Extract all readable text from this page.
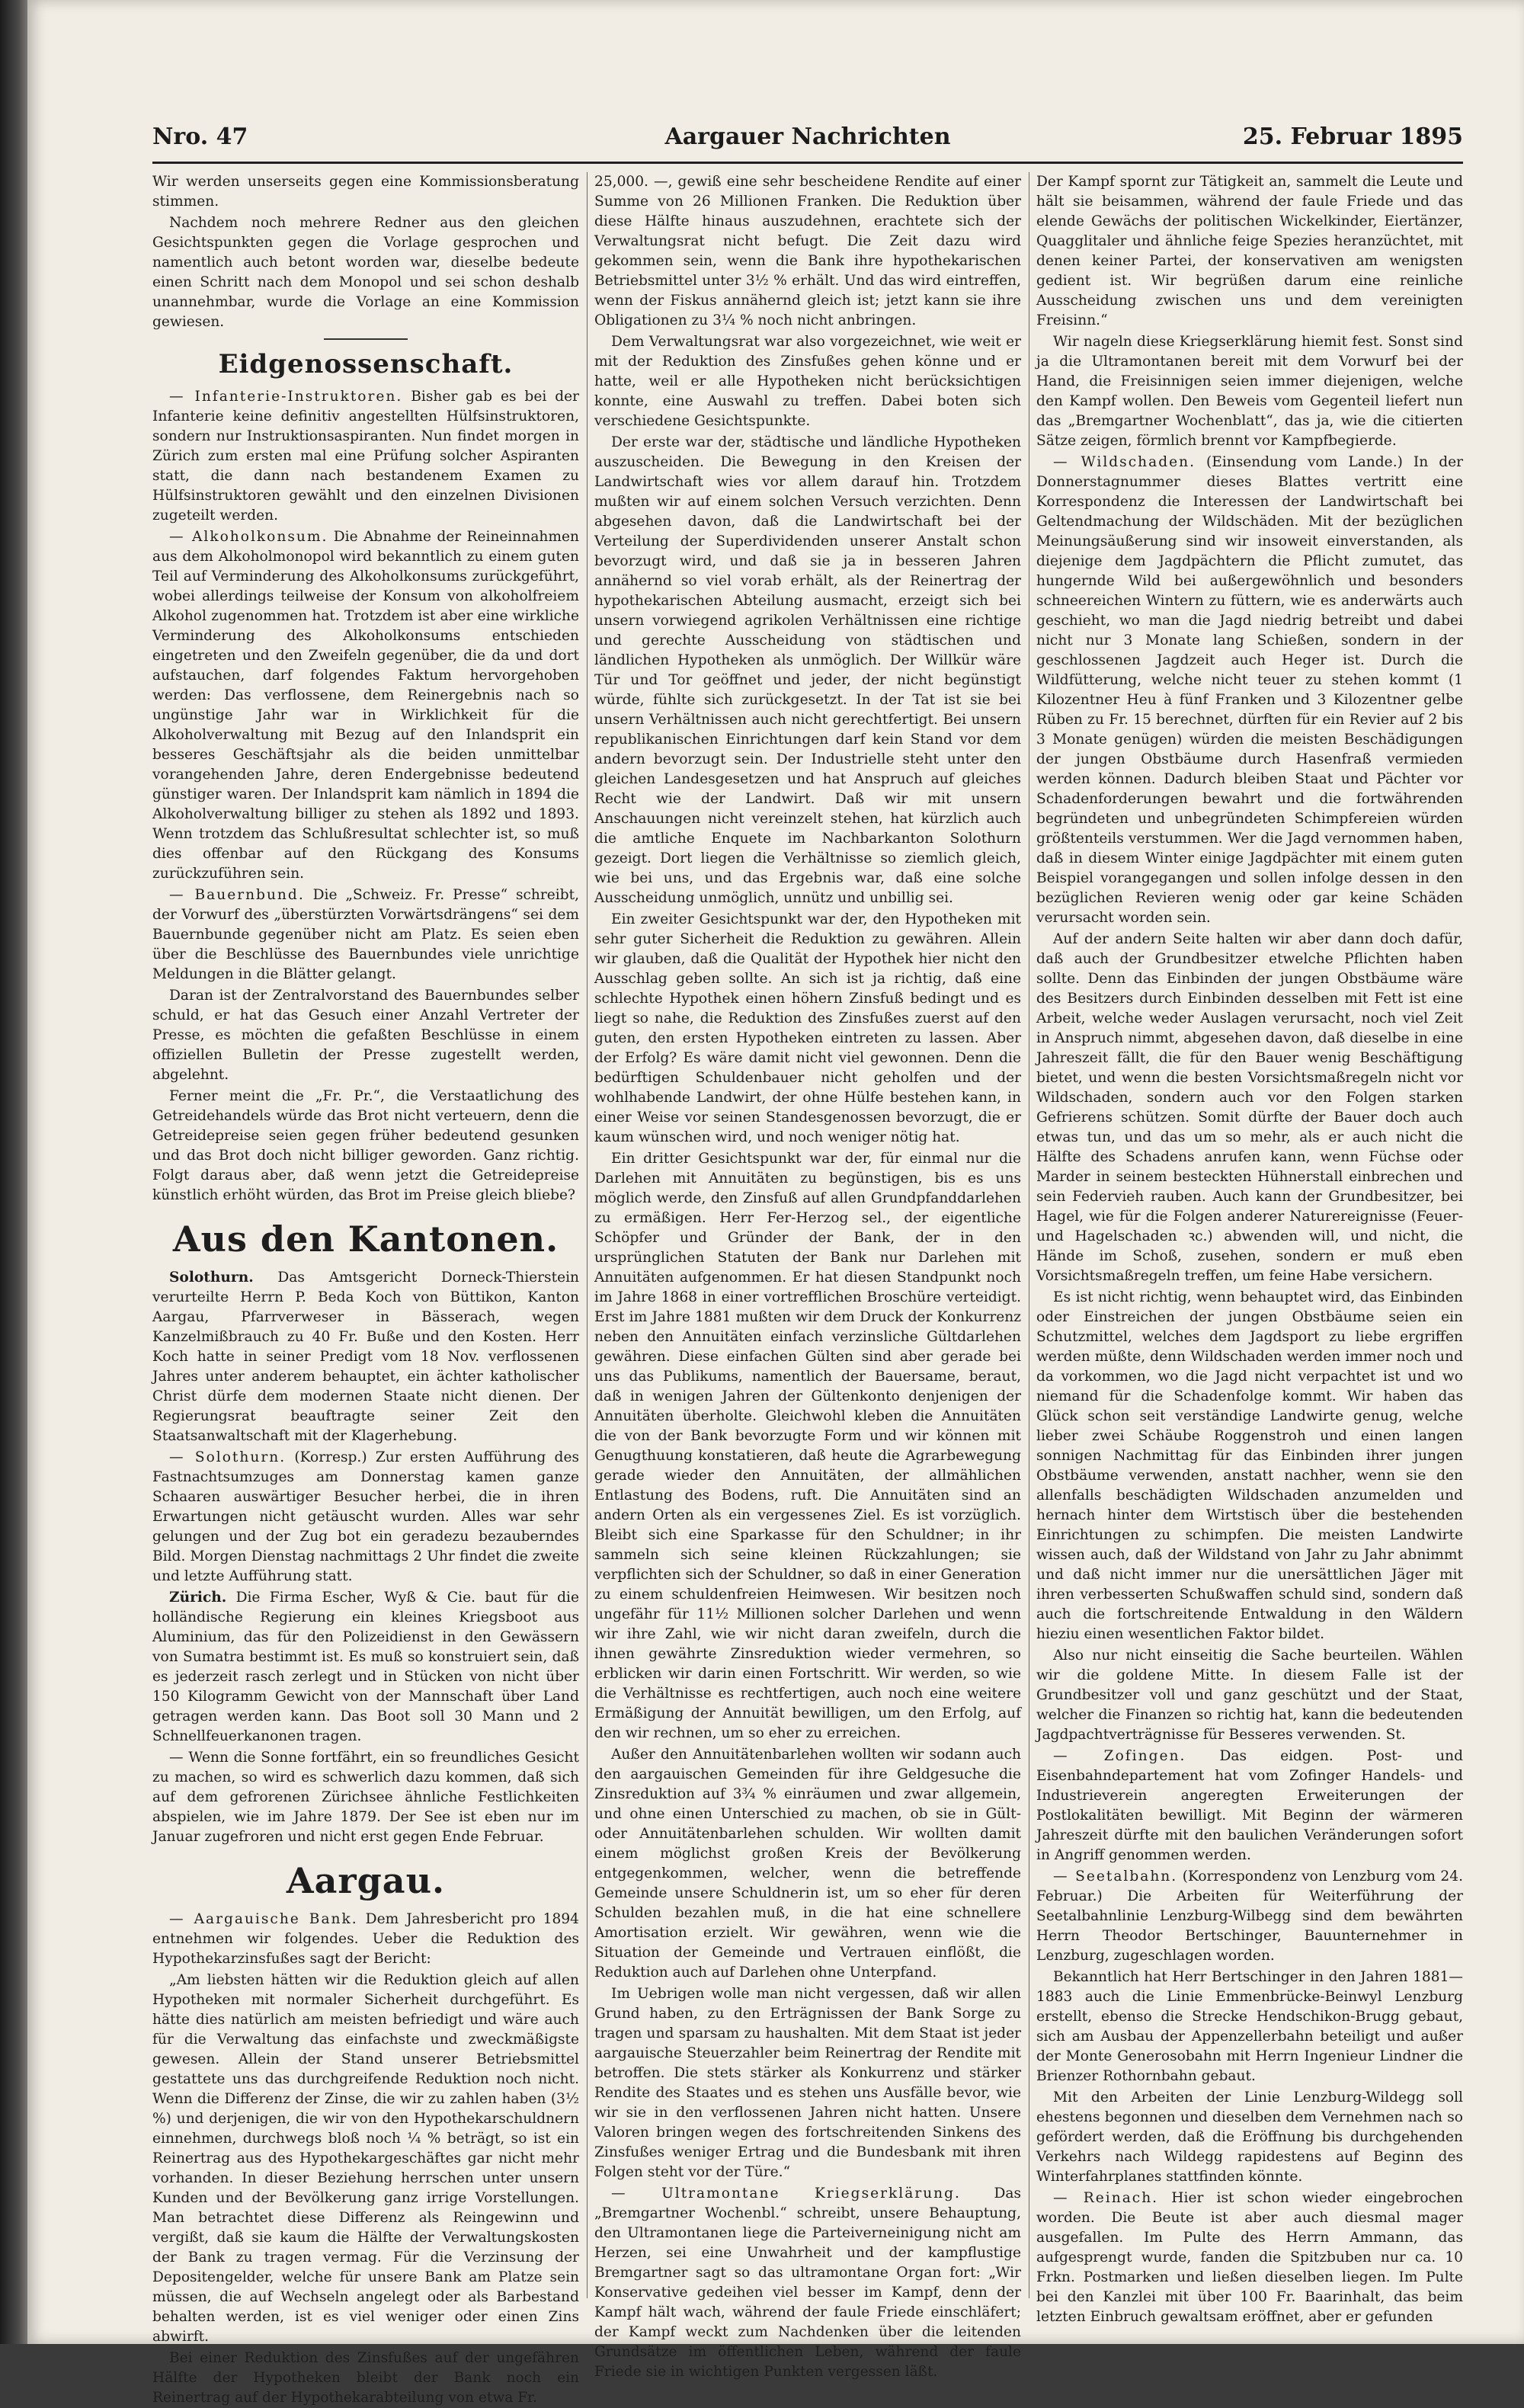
Nro. 47	Aargauer Nachrichten	25. Februar 1895

Wir werden unserseits gegen eine Kommissionsberatung stimmen.

Nachdem noch mehrere Redner aus den gleichen Gesichtspunkten gegen die Vorlage gesprochen und namentlich auch betont worden war, dieselbe bedeute einen Schritt nach dem Monopol und sei schon deshalb unannehmbar, wurde die Vorlage an eine Kommission gewiesen.

Eidgenossenschaft.

— Infanterie-Instruktoren. Bisher gab es bei der Infanterie keine definitiv angestellten Hülfsinstruktoren, sondern nur Instruktionsaspiranten. Nun findet morgen in Zürich zum ersten mal eine Prüfung solcher Aspiranten statt, die dann nach bestandenem Examen zu Hülfsinstruktoren gewählt und den einzelnen Divisionen zugeteilt werden.

— Alkoholkonsum. Die Abnahme der Reineinnahmen aus dem Alkoholmonopol wird bekanntlich zu einem guten Teil auf Verminderung des Alkoholkonsums zurückgeführt, wobei allerdings teilweise der Konsum von alkoholfreiem Alkohol zugenommen hat. Trotzdem ist aber eine wirkliche Verminderung des Alkoholkonsums entschieden eingetreten und den Zweifeln gegenüber, die da und dort aufstauchen, darf folgendes Faktum hervorgehoben werden: Das verflossene, dem Reinergebnis nach so ungünstige Jahr war in Wirklichkeit für die Alkoholverwaltung mit Bezug auf den Inlandsprit ein besseres Geschäftsjahr als die beiden unmittelbar vorangehenden Jahre, deren Endergebnisse bedeutend günstiger waren. Der Inlandsprit kam nämlich in 1894 die Alkoholverwaltung billiger zu stehen als 1892 und 1893. Wenn trotzdem das Schlußresultat schlechter ist, so muß dies offenbar auf den Rückgang des Konsums zurückzuführen sein.

— Bauernbund. Die „Schweiz. Fr. Presse“ schreibt, der Vorwurf des „überstürzten Vorwärtsdrängens“ sei dem Bauernbunde gegenüber nicht am Platz. Es seien eben über die Beschlüsse des Bauernbundes viele unrichtige Meldungen in die Blätter gelangt.

Daran ist der Zentralvorstand des Bauernbundes selber schuld, er hat das Gesuch einer Anzahl Vertreter der Presse, es möchten die gefaßten Beschlüsse in einem offiziellen Bulletin der Presse zugestellt werden, abgelehnt.

Ferner meint die „Fr. Pr.“, die Verstaatlichung des Getreidehandels würde das Brot nicht verteuern, denn die Getreidepreise seien gegen früher bedeutend gesunken und das Brot doch nicht billiger geworden. Ganz richtig. Folgt daraus aber, daß wenn jetzt die Getreidepreise künstlich erhöht würden, das Brot im Preise gleich bliebe?

Aus den Kantonen.

Solothurn. Das Amtsgericht Dorneck-Thierstein verurteilte Herrn P. Beda Koch von Büttikon, Kanton Aargau, Pfarrverweser in Bässerach, wegen Kanzelmißbrauch zu 40 Fr. Buße und den Kosten. Herr Koch hatte in seiner Predigt vom 18 Nov. verflossenen Jahres unter anderem behauptet, ein ächter katholischer Christ dürfe dem modernen Staate nicht dienen. Der Regierungsrat beauftragte seiner Zeit den Staatsanwaltschaft mit der Klagerhebung.

— Solothurn. (Korresp.) Zur ersten Aufführung des Fastnachtsumzuges am Donnerstag kamen ganze Schaaren auswärtiger Besucher herbei, die in ihren Erwartungen nicht getäuscht wurden. Alles war sehr gelungen und der Zug bot ein geradezu bezauberndes Bild. Morgen Dienstag nachmittags 2 Uhr findet die zweite und letzte Aufführung statt.

Zürich. Die Firma Escher, Wyß & Cie. baut für die holländische Regierung ein kleines Kriegsboot aus Aluminium, das für den Polizeidienst in den Gewässern von Sumatra bestimmt ist. Es muß so konstruiert sein, daß es jederzeit rasch zerlegt und in Stücken von nicht über 150 Kilogramm Gewicht von der Mannschaft über Land getragen werden kann. Das Boot soll 30 Mann und 2 Schnellfeuerkanonen tragen.

— Wenn die Sonne fortfährt, ein so freundliches Gesicht zu machen, so wird es schwerlich dazu kommen, daß sich auf dem gefrorenen Zürichsee ähnliche Festlichkeiten abspielen, wie im Jahre 1879. Der See ist eben nur im Januar zugefroren und nicht erst gegen Ende Februar.

Aargau.

— Aargauische Bank. Dem Jahresbericht pro 1894 entnehmen wir folgendes. Ueber die Reduktion des Hypothekarzinsfußes sagt der Bericht:

„Am liebsten hätten wir die Reduktion gleich auf allen Hypotheken mit normaler Sicherheit durchgeführt. Es hätte dies natürlich am meisten befriedigt und wäre auch für die Verwaltung das einfachste und zweckmäßigste gewesen. Allein der Stand unserer Betriebsmittel gestattete uns das durchgreifende Reduktion noch nicht. Wenn die Differenz der Zinse, die wir zu zahlen haben (3½ %) und derjenigen, die wir von den Hypothekarschuldnern einnehmen, durchwegs bloß noch ¼ % beträgt, so ist ein Reinertrag aus des Hypothekargeschäftes gar nicht mehr vorhanden. In dieser Beziehung herrschen unter unsern Kunden und der Bevölkerung ganz irrige Vorstellungen. Man betrachtet diese Differenz als Reingewinn und vergißt, daß sie kaum die Hälfte der Verwaltungskosten der Bank zu tragen vermag. Für die Verzinsung der Depositengelder, welche für unsere Bank am Platze sein müssen, die auf Wechseln angelegt oder als Barbestand behalten werden, ist es viel weniger oder einen Zins abwirft.

Bei einer Reduktion des Zinsfußes auf der ungefähren Hälfte der Hypotheken bleibt der Bank noch ein Reinertrag auf der Hypothekarabteilung von etwa Fr.

25,000. —, gewiß eine sehr bescheidene Rendite auf einer Summe von 26 Millionen Franken. Die Reduktion über diese Hälfte hinaus auszudehnen, erachtete sich der Verwaltungsrat nicht befugt. Die Zeit dazu wird gekommen sein, wenn die Bank ihre hypothekarischen Betriebsmittel unter 3½ % erhält. Und das wird eintreffen, wenn der Fiskus annähernd gleich ist; jetzt kann sie ihre Obligationen zu 3¼ % noch nicht anbringen.

Dem Verwaltungsrat war also vorgezeichnet, wie weit er mit der Reduktion des Zinsfußes gehen könne und er hatte, weil er alle Hypotheken nicht berücksichtigen konnte, eine Auswahl zu treffen. Dabei boten sich verschiedene Gesichtspunkte.

Der erste war der, städtische und ländliche Hypotheken auszuscheiden. Die Bewegung in den Kreisen der Landwirtschaft wies vor allem darauf hin. Trotzdem mußten wir auf einem solchen Versuch verzichten. Denn abgesehen davon, daß die Landwirtschaft bei der Verteilung der Superdividenden unserer Anstalt schon bevorzugt wird, und daß sie ja in besseren Jahren annähernd so viel vorab erhält, als der Reinertrag der hypothekarischen Abteilung ausmacht, erzeigt sich bei unsern vorwiegend agrikolen Verhältnissen eine richtige und gerechte Ausscheidung von städtischen und ländlichen Hypotheken als unmöglich. Der Willkür wäre Tür und Tor geöffnet und jeder, der nicht begünstigt würde, fühlte sich zurückgesetzt. In der Tat ist sie bei unsern Verhältnissen auch nicht gerechtfertigt. Bei unsern republikanischen Einrichtungen darf kein Stand vor dem andern bevorzugt sein. Der Industrielle steht unter den gleichen Landesgesetzen und hat Anspruch auf gleiches Recht wie der Landwirt. Daß wir mit unsern Anschauungen nicht vereinzelt stehen, hat kürzlich auch die amtliche Enquete im Nachbarkanton Solothurn gezeigt. Dort liegen die Verhältnisse so ziemlich gleich, wie bei uns, und das Ergebnis war, daß eine solche Ausscheidung unmöglich, unnütz und unbillig sei.

Ein zweiter Gesichtspunkt war der, den Hypotheken mit sehr guter Sicherheit die Reduktion zu gewähren. Allein wir glauben, daß die Qualität der Hypothek hier nicht den Ausschlag geben sollte. An sich ist ja richtig, daß eine schlechte Hypothek einen höhern Zinsfuß bedingt und es liegt so nahe, die Reduktion des Zinsfußes zuerst auf den guten, den ersten Hypotheken eintreten zu lassen. Aber der Erfolg? Es wäre damit nicht viel gewonnen. Denn die bedürftigen Schuldenbauer nicht geholfen und der wohlhabende Landwirt, der ohne Hülfe bestehen kann, in einer Weise vor seinen Standesgenossen bevorzugt, die er kaum wünschen wird, und noch weniger nötig hat.

Ein dritter Gesichtspunkt war der, für einmal nur die Darlehen mit Annuitäten zu begünstigen, bis es uns möglich werde, den Zinsfuß auf allen Grundpfanddarlehen zu ermäßigen. Herr Fer-Herzog sel., der eigentliche Schöpfer und Gründer der Bank, der in den ursprünglichen Statuten der Bank nur Darlehen mit Annuitäten aufgenommen. Er hat diesen Standpunkt noch im Jahre 1868 in einer vortrefflichen Broschüre verteidigt. Erst im Jahre 1881 mußten wir dem Druck der Konkurrenz neben den Annuitäten einfach verzinsliche Gültdarlehen gewähren. Diese einfachen Gülten sind aber gerade bei uns das Publikums, namentlich der Bauersame, beraut, daß in wenigen Jahren der Gültenkonto denjenigen der Annuitäten überholte. Gleichwohl kleben die Annuitäten die von der Bank bevorzugte Form und wir können mit Genugthuung konstatieren, daß heute die Agrarbewegung gerade wieder den Annuitäten, der allmählichen Entlastung des Bodens, ruft. Die Annuitäten sind an andern Orten als ein vergessenes Ziel. Es ist vorzüglich. Bleibt sich eine Sparkasse für den Schuldner; in ihr sammeln sich seine kleinen Rückzahlungen; sie verpflichten sich der Schuldner, so daß in einer Generation zu einem schuldenfreien Heimwesen. Wir besitzen noch ungefähr für 11½ Millionen solcher Darlehen und wenn wir ihre Zahl, wie wir nicht daran zweifeln, durch die ihnen gewährte Zinsreduktion wieder vermehren, so erblicken wir darin einen Fortschritt. Wir werden, so wie die Verhältnisse es rechtfertigen, auch noch eine weitere Ermäßigung der Annuität bewilligen, um den Erfolg, auf den wir rechnen, um so eher zu erreichen.

Außer den Annuitätenbarlehen wollten wir sodann auch den aargauischen Gemeinden für ihre Geldgesuche die Zinsreduktion auf 3¾ % einräumen und zwar allgemein, und ohne einen Unterschied zu machen, ob sie in Gült- oder Annuitätenbarlehen schulden. Wir wollten damit einem möglichst großen Kreis der Bevölkerung entgegenkommen, welcher, wenn die betreffende Gemeinde unsere Schuldnerin ist, um so eher für deren Schulden bezahlen muß, in die hat eine schnellere Amortisation erzielt. Wir gewähren, wenn wie die Situation der Gemeinde und Vertrauen einflößt, die Reduktion auch auf Darlehen ohne Unterpfand.

Im Uebrigen wolle man nicht vergessen, daß wir allen Grund haben, zu den Erträgnissen der Bank Sorge zu tragen und sparsam zu haushalten. Mit dem Staat ist jeder aargauische Steuerzahler beim Reinertrag der Rendite mit betroffen. Die stets stärker als Konkurrenz und stärker Rendite des Staates und es stehen uns Ausfälle bevor, wie wir sie in den verflossenen Jahren nicht hatten. Unsere Valoren bringen wegen des fortschreitenden Sinkens des Zinsfußes weniger Ertrag und die Bundesbank mit ihren Folgen steht vor der Türe.“

— Ultramontane Kriegserklärung. Das „Bremgartner Wochenbl.“ schreibt, unsere Behauptung, den Ultramontanen liege die Parteiverneinigung nicht am Herzen, sei eine Unwahrheit und der kampflustige Bremgartner sagt so das ultramontane Organ fort: „Wir Konservative gedeihen viel besser im Kampf, denn der Kampf hält wach, während der faule Friede einschläfert; der Kampf weckt zum Nachdenken über die leitenden Grundsätze im öffentlichen Leben, während der faule Friede sie in wichtigen Punkten vergessen läßt.

Der Kampf spornt zur Tätigkeit an, sammelt die Leute und hält sie beisammen, während der faule Friede und das elende Gewächs der politischen Wickelkinder, Eiertänzer, Quagglitaler und ähnliche feige Spezies heranzüchtet, mit denen keiner Partei, der konservativen am wenigsten gedient ist. Wir begrüßen darum eine reinliche Ausscheidung zwischen uns und dem vereinigten Freisinn.“

Wir nageln diese Kriegserklärung hiemit fest. Sonst sind ja die Ultramontanen bereit mit dem Vorwurf bei der Hand, die Freisinnigen seien immer diejenigen, welche den Kampf wollen. Den Beweis vom Gegenteil liefert nun das „Bremgartner Wochenblatt“, das ja, wie die citierten Sätze zeigen, förmlich brennt vor Kampfbegierde.

— Wildschaden. (Einsendung vom Lande.) In der Donnerstagnummer dieses Blattes vertritt eine Korrespondenz die Interessen der Landwirtschaft bei Geltendmachung der Wildschäden. Mit der bezüglichen Meinungsäußerung sind wir insoweit einverstanden, als diejenige dem Jagdpächtern die Pflicht zumutet, das hungernde Wild bei außergewöhnlich und besonders schneereichen Wintern zu füttern, wie es anderwärts auch geschieht, wo man die Jagd niedrig betreibt und dabei nicht nur 3 Monate lang Schießen, sondern in der geschlossenen Jagdzeit auch Heger ist. Durch die Wildfütterung, welche nicht teuer zu stehen kommt (1 Kilozentner Heu à fünf Franken und 3 Kilozentner gelbe Rüben zu Fr. 15 berechnet, dürften für ein Revier auf 2 bis 3 Monate genügen) würden die meisten Beschädigungen der jungen Obstbäume durch Hasenfraß vermieden werden können. Dadurch bleiben Staat und Pächter vor Schadenforderungen bewahrt und die fortwährenden begründeten und unbegründeten Schimpfereien würden größtenteils verstummen. Wer die Jagd vernommen haben, daß in diesem Winter einige Jagdpächter mit einem guten Beispiel vorangegangen und sollen infolge dessen in den bezüglichen Revieren wenig oder gar keine Schäden verursacht worden sein.

Auf der andern Seite halten wir aber dann doch dafür, daß auch der Grundbesitzer etwelche Pflichten haben sollte. Denn das Einbinden der jungen Obstbäume wäre des Besitzers durch Einbinden desselben mit Fett ist eine Arbeit, welche weder Auslagen verursacht, noch viel Zeit in Anspruch nimmt, abgesehen davon, daß dieselbe in eine Jahreszeit fällt, die für den Bauer wenig Beschäftigung bietet, und wenn die besten Vorsichtsmaßregeln nicht vor Wildschaden, sondern auch vor den Folgen starken Gefrierens schützen. Somit dürfte der Bauer doch auch etwas tun, und das um so mehr, als er auch nicht die Hälfte des Schadens anrufen kann, wenn Füchse oder Marder in seinem besteckten Hühnerstall einbrechen und sein Federvieh rauben. Auch kann der Grundbesitzer, bei Hagel, wie für die Folgen anderer Naturereignisse (Feuer- und Hagelschaden ꝛc.) abwenden will, und nicht, die Hände im Schoß, zusehen, sondern er muß eben Vorsichtsmaßregeln treffen, um feine Habe versichern.

Es ist nicht richtig, wenn behauptet wird, das Einbinden oder Einstreichen der jungen Obstbäume seien ein Schutzmittel, welches dem Jagdsport zu liebe ergriffen werden müßte, denn Wildschaden werden immer noch und da vorkommen, wo die Jagd nicht verpachtet ist und wo niemand für die Schadenfolge kommt. Wir haben das Glück schon seit verständige Landwirte genug, welche lieber zwei Schäube Roggenstroh und einen langen sonnigen Nachmittag für das Einbinden ihrer jungen Obstbäume verwenden, anstatt nachher, wenn sie den allenfalls beschädigten Wildschaden anzumelden und hernach hinter dem Wirtstisch über die bestehenden Einrichtungen zu schimpfen. Die meisten Landwirte wissen auch, daß der Wildstand von Jahr zu Jahr abnimmt und daß nicht immer nur die unersättlichen Jäger mit ihren verbesserten Schußwaffen schuld sind, sondern daß auch die fortschreitende Entwaldung in den Wäldern hieziu einen wesentlichen Faktor bildet.

Also nur nicht einseitig die Sache beurteilen. Wählen wir die goldene Mitte. In diesem Falle ist der Grundbesitzer voll und ganz geschützt und der Staat, welcher die Finanzen so richtig hat, kann die bedeutenden Jagdpachtverträgnisse für Besseres verwenden. St.

— Zofingen. Das eidgen. Post- und Eisenbahndepartement hat vom Zofinger Handels- und Industrieverein angeregten Erweiterungen der Postlokalitäten bewilligt. Mit Beginn der wärmeren Jahreszeit dürfte mit den baulichen Veränderungen sofort in Angriff genommen werden.

— Seetalbahn. (Korrespondenz von Lenzburg vom 24. Februar.) Die Arbeiten für Weiterführung der Seetalbahnlinie Lenzburg-Wilbegg sind dem bewährten Herrn Theodor Bertschinger, Bauunternehmer in Lenzburg, zugeschlagen worden.

Bekanntlich hat Herr Bertschinger in den Jahren 1881—1883 auch die Linie Emmenbrücke-Beinwyl Lenzburg erstellt, ebenso die Strecke Hendschikon-Brugg gebaut, sich am Ausbau der Appenzellerbahn beteiligt und außer der Monte Generosobahn mit Herrn Ingenieur Lindner die Brienzer Rothornbahn gebaut.

Mit den Arbeiten der Linie Lenzburg-Wildegg soll ehestens begonnen und dieselben dem Vernehmen nach so gefördert werden, daß die Eröffnung bis durchgehenden Verkehrs nach Wildegg rapidestens auf Beginn des Winterfahrplanes stattfinden könnte.

— Reinach. Hier ist schon wieder eingebrochen worden. Die Beute ist aber auch diesmal mager ausgefallen. Im Pulte des Herrn Ammann, das aufgesprengt wurde, fanden die Spitzbuben nur ca. 10 Frkn. Postmarken und ließen dieselben liegen. Im Pulte bei den Kanzlei mit über 100 Fr. Baarinhalt, das beim letzten Einbruch gewaltsam eröffnet, aber er gefunden
